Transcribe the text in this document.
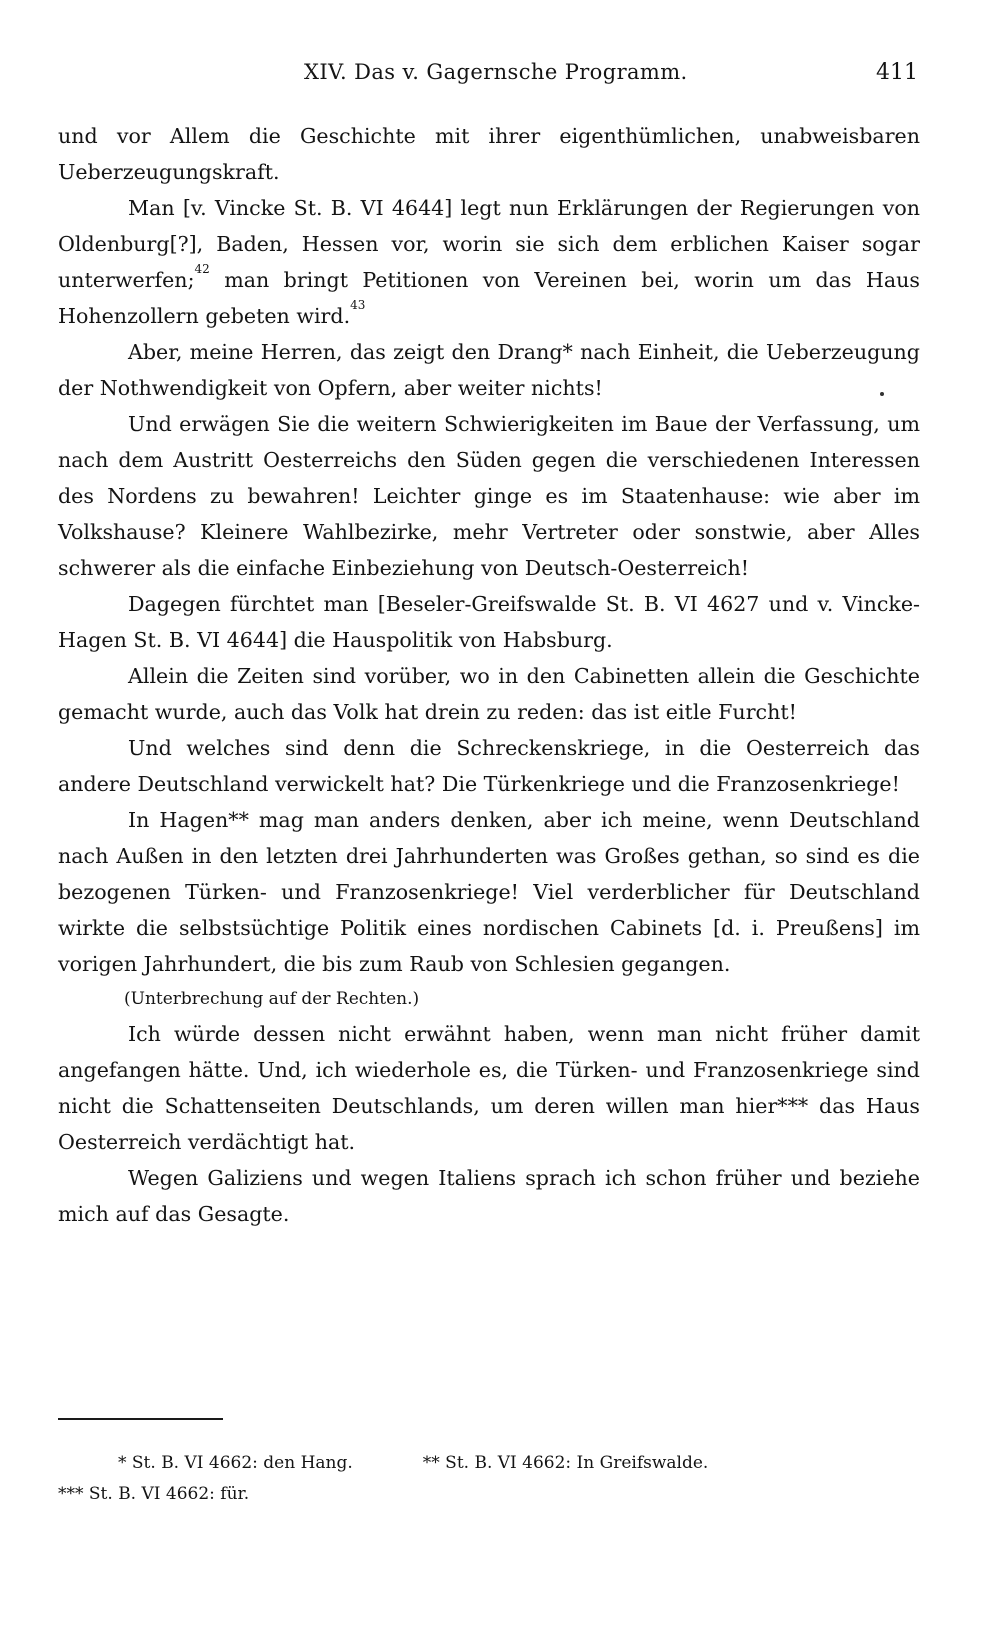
XIV. Das v. Gagernsche Programm.	411

und vor Allem die Geschichte mit ihrer eigenthümlichen, unabweisbaren Ueberzeugungskraft.

Man [v. Vincke St. B. VI 4644] legt nun Erklärungen der Regierungen von Oldenburg[?], Baden, Hessen vor, worin sie sich dem erblichen Kaiser sogar unterwerfen;$^{42}$ man bringt Petitionen von Vereinen bei, worin um das Haus Hohenzollern gebeten wird.$^{43}$

Aber, meine Herren, das zeigt den Drang* nach Einheit, die Ueberzeugung der Nothwendigkeit von Opfern, aber weiter nichts!

Und erwägen Sie die weitern Schwierigkeiten im Baue der Verfassung, um nach dem Austritt Oesterreichs den Süden gegen die verschiedenen Interessen des Nordens zu bewahren! Leichter ginge es im Staatenhause: wie aber im Volkshause? Kleinere Wahlbezirke, mehr Vertreter oder sonstwie, aber Alles schwerer als die einfache Einbeziehung von Deutsch-Oesterreich!

Dagegen fürchtet man [Beseler-Greifswalde St. B. VI 4627 und v. Vincke-Hagen St. B. VI 4644] die Hauspolitik von Habsburg.

Allein die Zeiten sind vorüber, wo in den Cabinetten allein die Geschichte gemacht wurde, auch das Volk hat drein zu reden: das ist eitle Furcht!

Und welches sind denn die Schreckenskriege, in die Oesterreich das andere Deutschland verwickelt hat? Die Türkenkriege und die Franzosenkriege!

In Hagen** mag man anders denken, aber ich meine, wenn Deutschland nach Außen in den letzten drei Jahrhunderten was Großes gethan, so sind es die bezogenen Türken- und Franzosenkriege! Viel verderblicher für Deutschland wirkte die selbstsüchtige Politik eines nordischen Cabinets [d. i. Preußens] im vorigen Jahrhundert, die bis zum Raub von Schlesien gegangen.

(Unterbrechung auf der Rechten.)

Ich würde dessen nicht erwähnt haben, wenn man nicht früher damit angefangen hätte. Und, ich wiederhole es, die Türken- und Franzosenkriege sind nicht die Schattenseiten Deutschlands, um deren willen man hier*** das Haus Oesterreich verdächtigt hat.

Wegen Galiziens und wegen Italiens sprach ich schon früher und beziehe mich auf das Gesagte.

* St. B. VI 4662: den Hang.	** St. B. VI 4662: In Greifswalde.
*** St. B. VI 4662: für.
